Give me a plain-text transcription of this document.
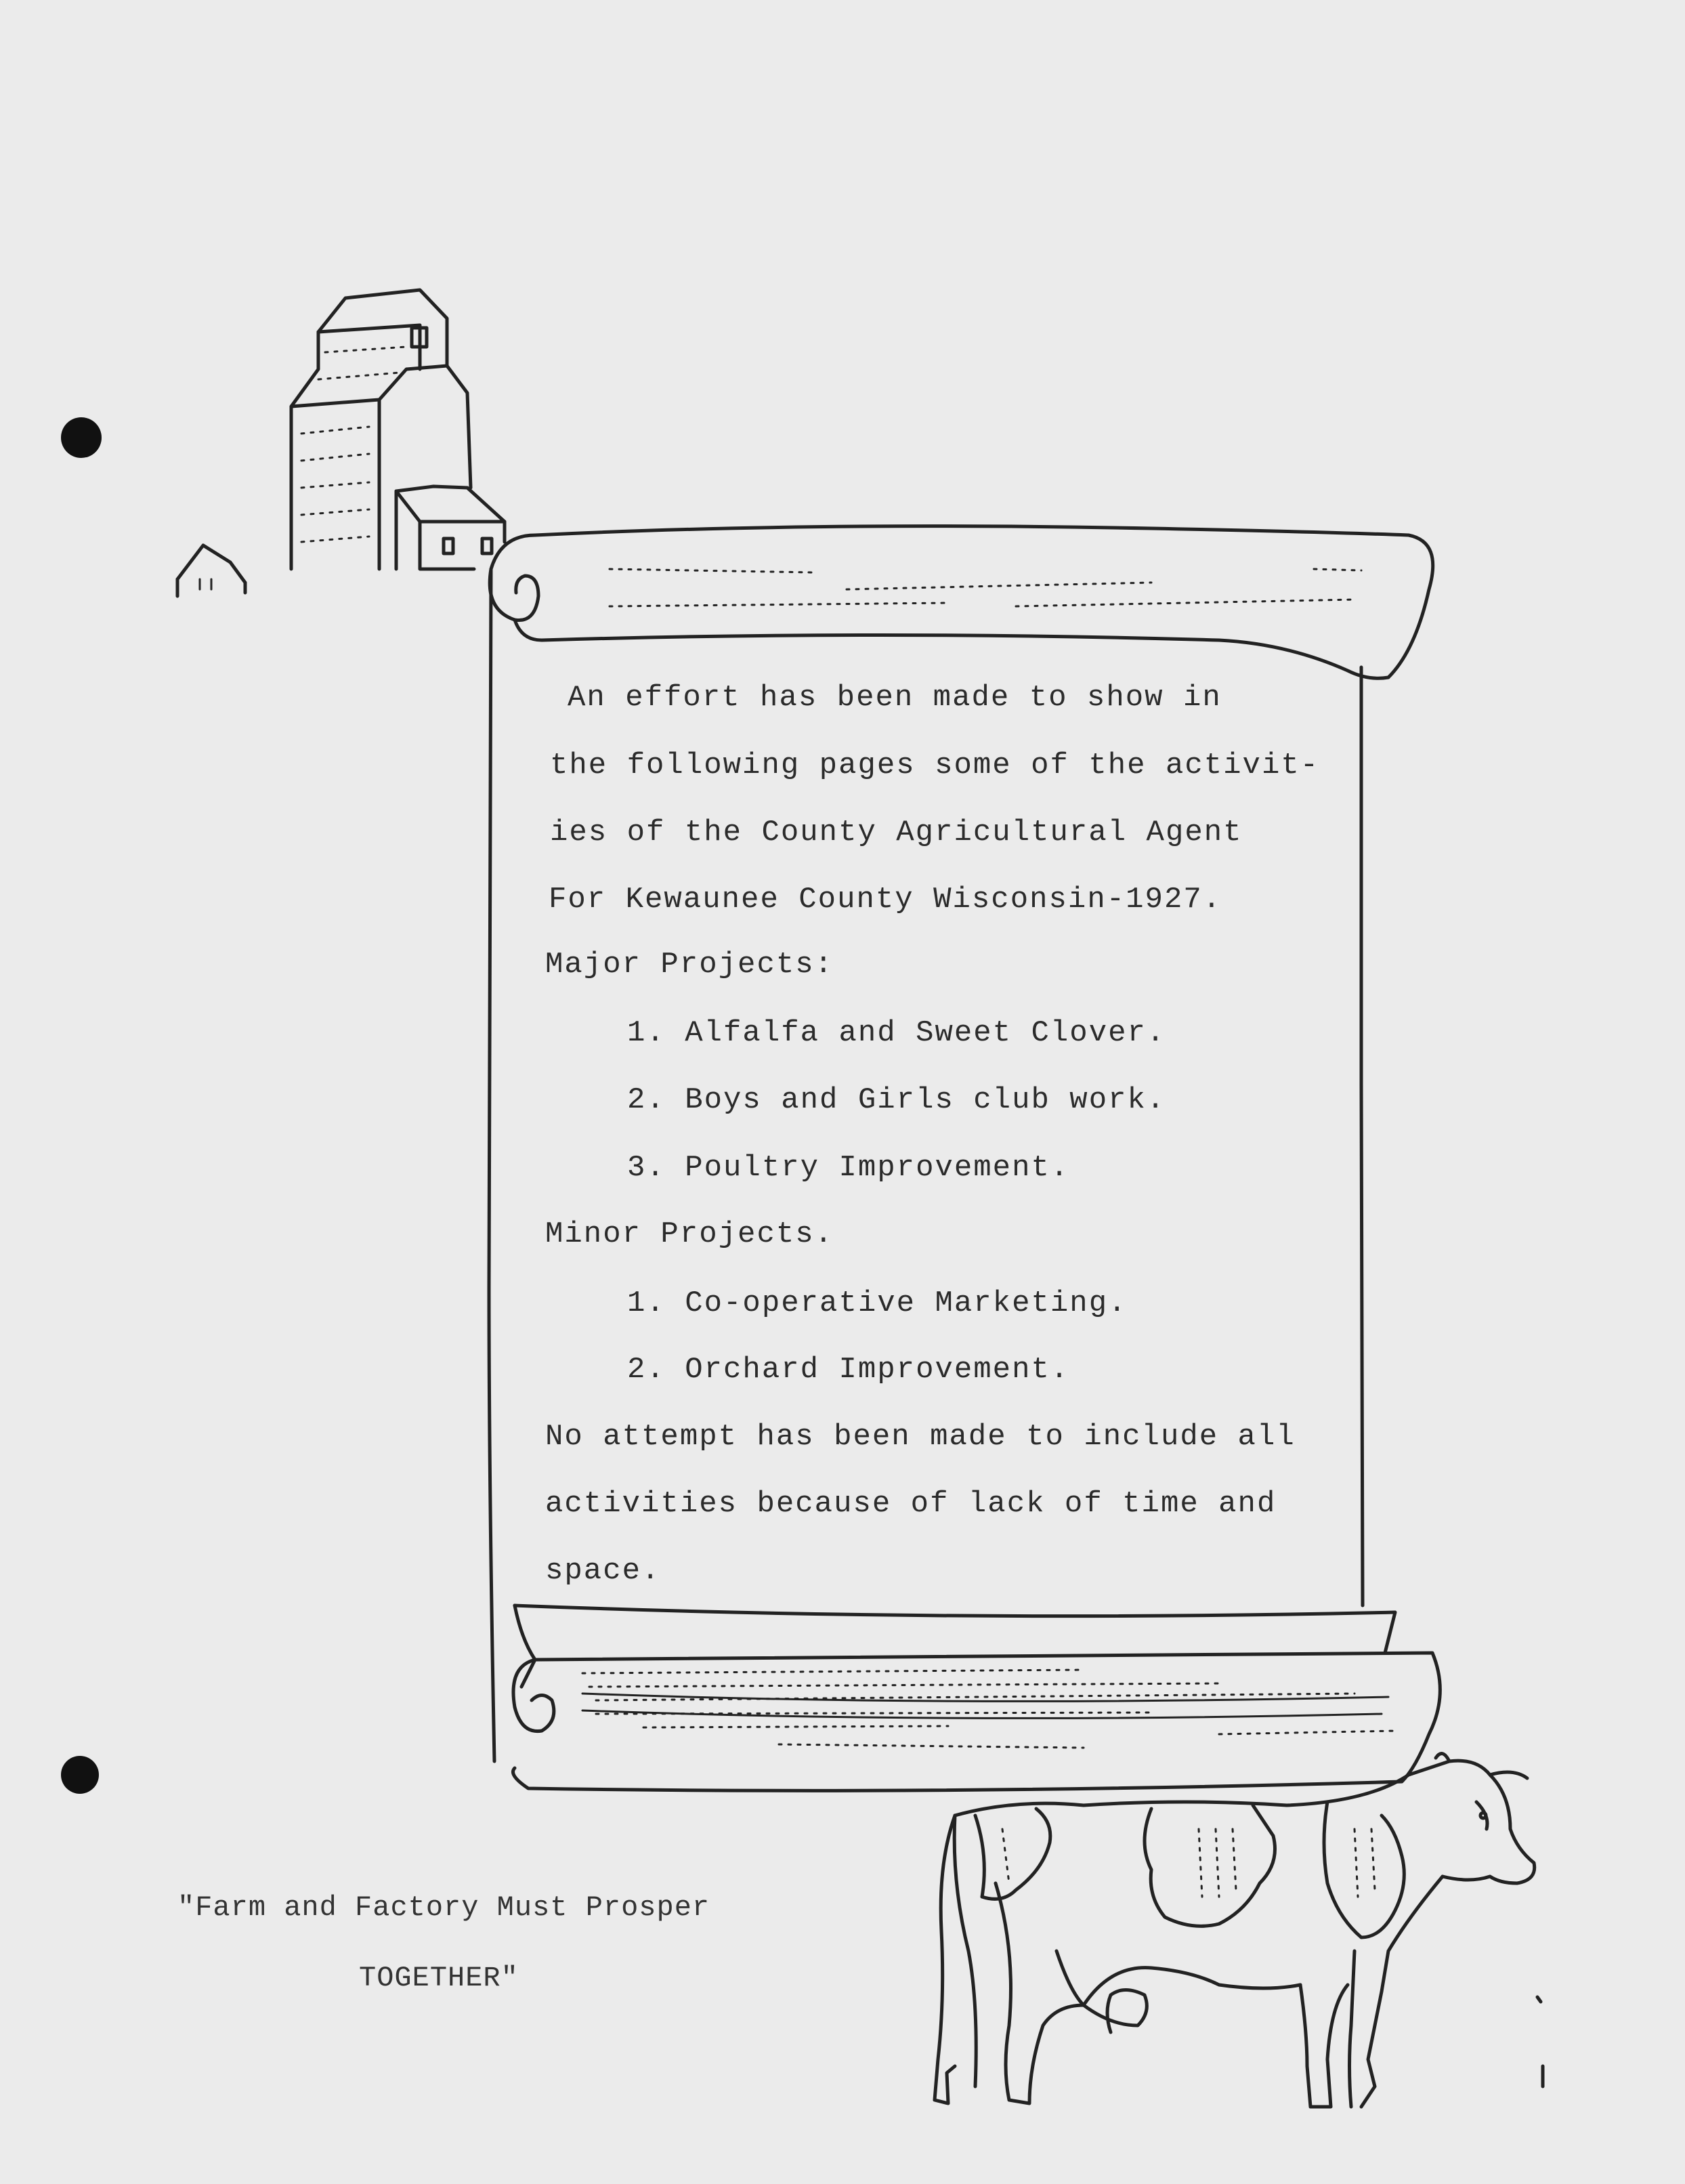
An effort has been made to show in
the following pages some of the activit-
ies of the County Agricultural Agent
For Kewaunee County Wisconsin-1927.
Major Projects:
1. Alfalfa and Sweet Clover.
2. Boys and Girls club work.
3. Poultry Improvement.
Minor Projects.
1. Co-operative Marketing.
2. Orchard Improvement.
No attempt has been made to include all
activities because of lack of time and
space.
"Farm and Factory Must Prosper
TOGETHER"
